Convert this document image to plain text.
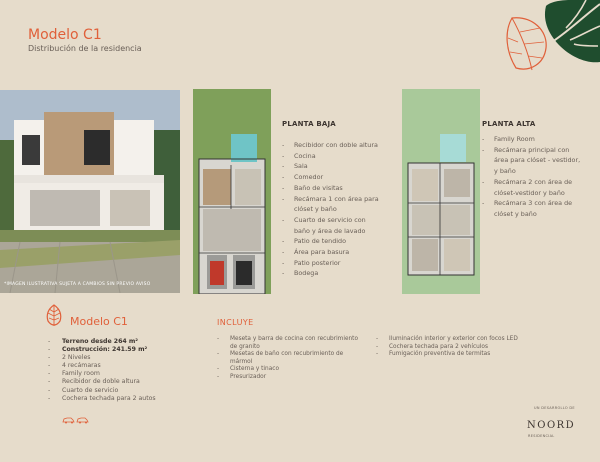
Modelo C1
Distribución de la residencia
*IMAGEN ILUSTRATIVA SUJETA A CAMBIOS SIN PREVIO AVISO
PLANTA BAJA
-	Recibidor con doble altura
-	Cocina
-	Sala
-	Comedor
-	Baño de visitas
-	Recámara 1 con área para
clóset y baño
-	Cuarto de servicio con
baño y área de lavado
-	Patio de tendido
-	Área para basura
-	Patio posterior
-	Bodega
PLANTA ALTA
-	Family Room
-	Recámara principal con
área para clóset - vestidor,
y baño
-	Recámara 2 con área de
clóset-vestidor y baño
-	Recámara 3 con área de
clóset y baño
Modelo C1
-	Terreno desde 264 m²
-	Construcción: 241.59 m²
-	2 Niveles
-	4 recámaras
-	Family room
-	Recibidor de doble altura
-	Cuarto de servicio
-	Cochera techada para 2 autos
INCLUYE
-	Meseta y barra de cocina con recubrimiento
de granito
-	Mesetas de baño con recubrimiento de
mármol
-	Cisterna y tinaco
-	Presurizador
-	Iluminación interior y exterior con focos LED
-	Cochera techada para 2 vehículos
-	Fumigación preventiva de termitas
UN DESARROLLO DE
NOORD
RESIDENCIAL
